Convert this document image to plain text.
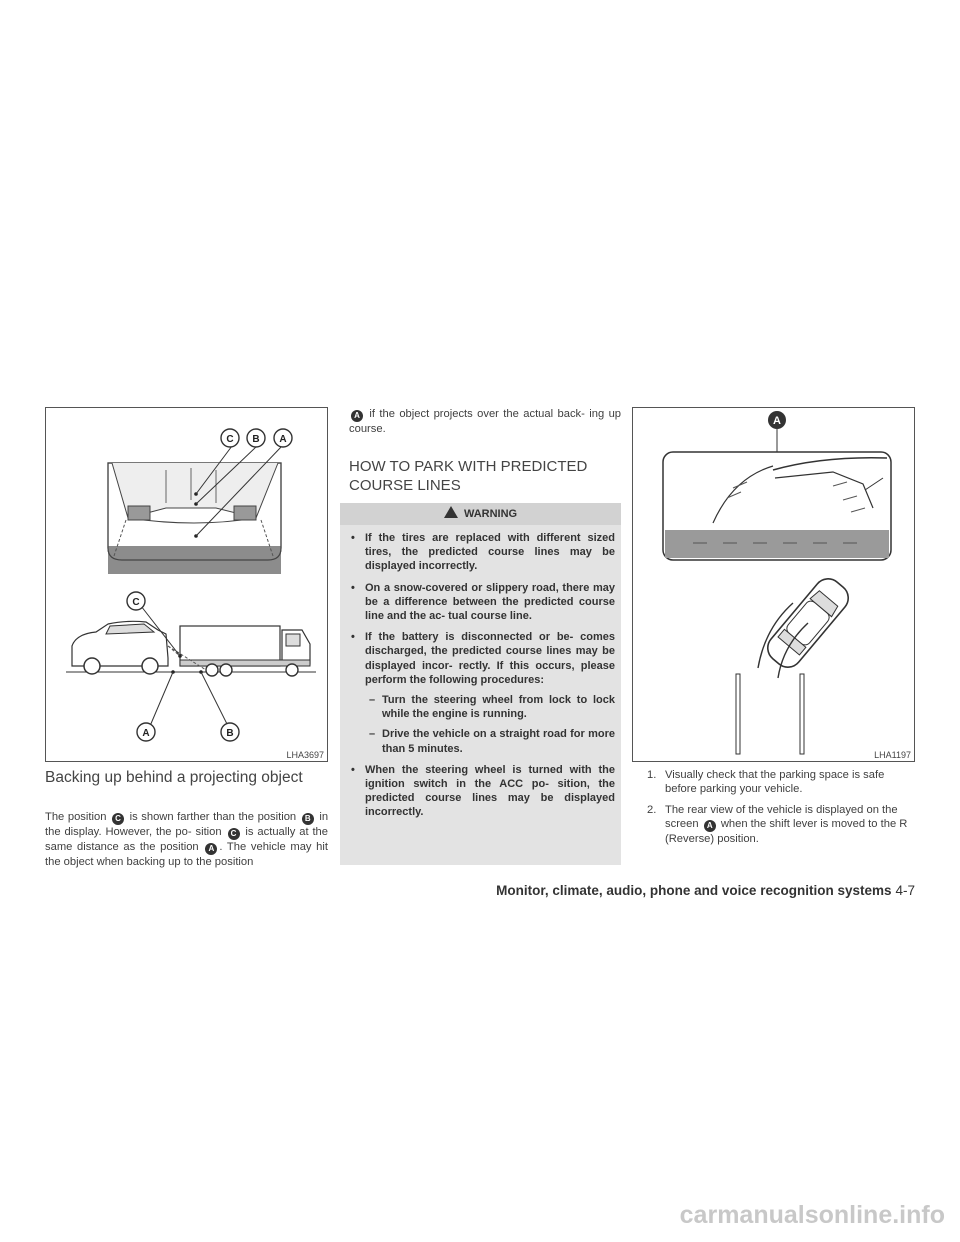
C B A
C
A	B
LHA3697
Backing up behind a projecting object
The position C is shown farther than the position B in the display. However, the po- sition C is actually at the same distance as the position A . The vehicle may hit the object when backing up to the position
A if the object projects over the actual back- ing up course.
HOW TO PARK WITH PREDICTED COURSE LINES
WARNING
• If the tires are replaced with different sized tires, the predicted course lines may be displayed incorrectly.
• On a snow-covered or slippery road, there may be a difference between the predicted course line and the ac- tual course line.
• If the battery is disconnected or be- comes discharged, the predicted course lines may be displayed incor- rectly. If this occurs, please perform the following procedures:
– Turn the steering wheel from lock to lock while the engine is running.
– Drive the vehicle on a straight road for more than 5 minutes.
• When the steering wheel is turned with the ignition switch in the ACC po- sition, the predicted course lines may be displayed incorrectly.
A
LHA1197
1. Visually check that the parking space is safe before parking your vehicle.
2. The rear view of the vehicle is displayed on the screen A when the shift lever is moved to the R (Reverse) position.
Monitor, climate, audio, phone and voice recognition systems 4-7
carmanualsonline.info
